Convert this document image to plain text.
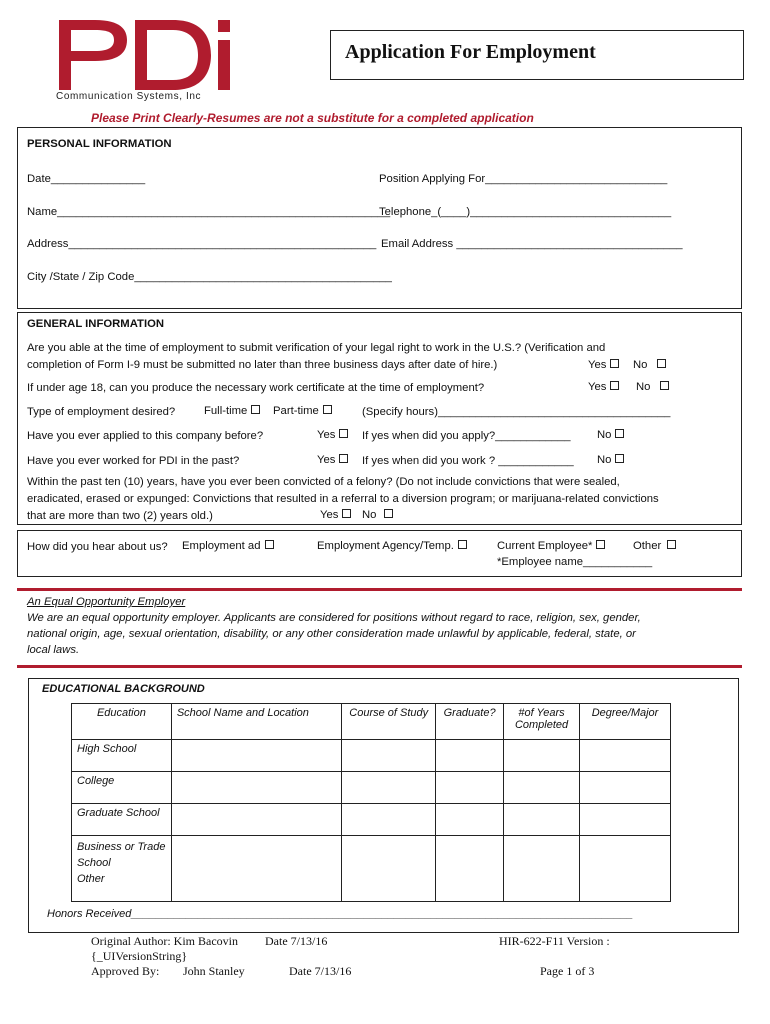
Communication Systems, Inc
Application For Employment
Please Print Clearly-Resumes are not a substitute for a completed application
PERSONAL INFORMATION
Date_______________	Position Applying For_____________________________
Name_____________________________________________________
Telephone_(____)________________________________
Address_________________________________________________ Email Address ____________________________________
City /State / Zip Code_________________________________________
GENERAL INFORMATION
Are you able at the time of employment to submit verification of your legal right to work in the U.S.? (Verification and
completion of Form I-9 must be submitted no later than three business days after date of hire.)	Yes	No
If under age 18, can you produce the necessary work certificate at the time of employment?	Yes	No
Type of employment desired?	Full-time	Part-time	(Specify hours)_____________________________________
Have you ever applied to this company before?	Yes	If yes when did you apply?____________ No
Have you ever worked for PDI in the past?	Yes	If yes when did you work ? ____________ No
Within the past ten (10) years, have you ever been convicted of a felony? (Do not include convictions that were sealed,
eradicated, erased or expunged: Convictions that resulted in a referral to a diversion program; or marijuana-related convictions
that are more than two (2) years old.)	Yes	No
How did you hear about us? Employment ad	Employment Agency/Temp.	Current Employee*	Other
*Employee name___________
An Equal Opportunity Employer
We are an equal opportunity employer. Applicants are considered for positions without regard to race, religion, sex, gender,
national origin, age, sexual orientation, disability, or any other consideration made unlawful by applicable, federal, state, or
local laws.
EDUCATIONAL BACKGROUND
Education	School Name and Location	Course of Study	Graduate?	#of Years Completed	Degree/Major
High School					
College					
Graduate School					
Business or Trade School
Other					
Honors Received__________________________________________________________________________________
Original Author: Kim Bacovin Date 7/13/16	HIR-622-F11 Version :
{_UIVersionString}
Approved By: John Stanley	Date 7/13/16	Page 1 of 3
